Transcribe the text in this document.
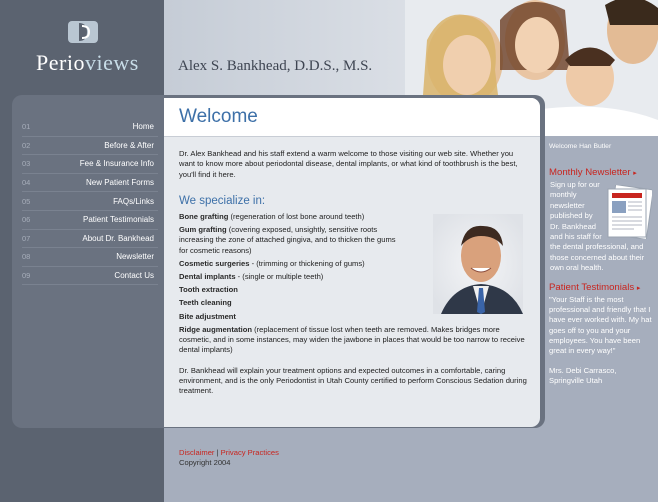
Perioviews	Alex S. Bankhead, D.D.S., M.S.
01	Home
02	Before & After
03	Fee & Insurance Info
04	New Patient Forms
05	FAQs/Links
06	Patient Testimonials
07	About Dr. Bankhead
08	Newsletter
09	Contact Us
Welcome
Dr. Alex Bankhead and his staff extend a warm welcome to those visiting our web site. Whether you want to know more about periodontal disease, dental implants, or what kind of toothbrush is the best, you'll find it here.
We specialize in:

Bone grafting (regeneration of lost bone around teeth)

Gum grafting (covering exposed, unsightly, sensitive roots increasing the zone of attached gingiva, and to thicken the gums for cosmetic reasons)

Cosmetic surgeries - (trimming or thickening of gums)

Dental implants - (single or multiple teeth)

Tooth extraction

Teeth cleaning

Bite adjustment

Ridge augmentation (replacement of tissue lost when teeth are removed. Makes bridges more cosmetic, and in some instances, may widen the jawbone in places that would be too narrow to receive dental implants)

Dr. Bankhead will explain your treatment options and expected outcomes in a comfortable, caring environment, and is the only Periodontist in Utah County certified to perform Conscious Sedation during treatment.
Disclaimer | Privacy Practices
Copyright 2004
Welcome Han Butler
Monthly Newsletter ▸
Sign up for our monthly newsletter published by Dr. Bankhead and his staff for the dental professional, and those concerned about their own oral health.
Patient Testimonials ▸
"Your Staff is the most professional and friendly that I have ever worked with. My hat goes off to you and your employees. You have been great in every way!"
Mrs. Debi Carrasco,
Springville Utah
